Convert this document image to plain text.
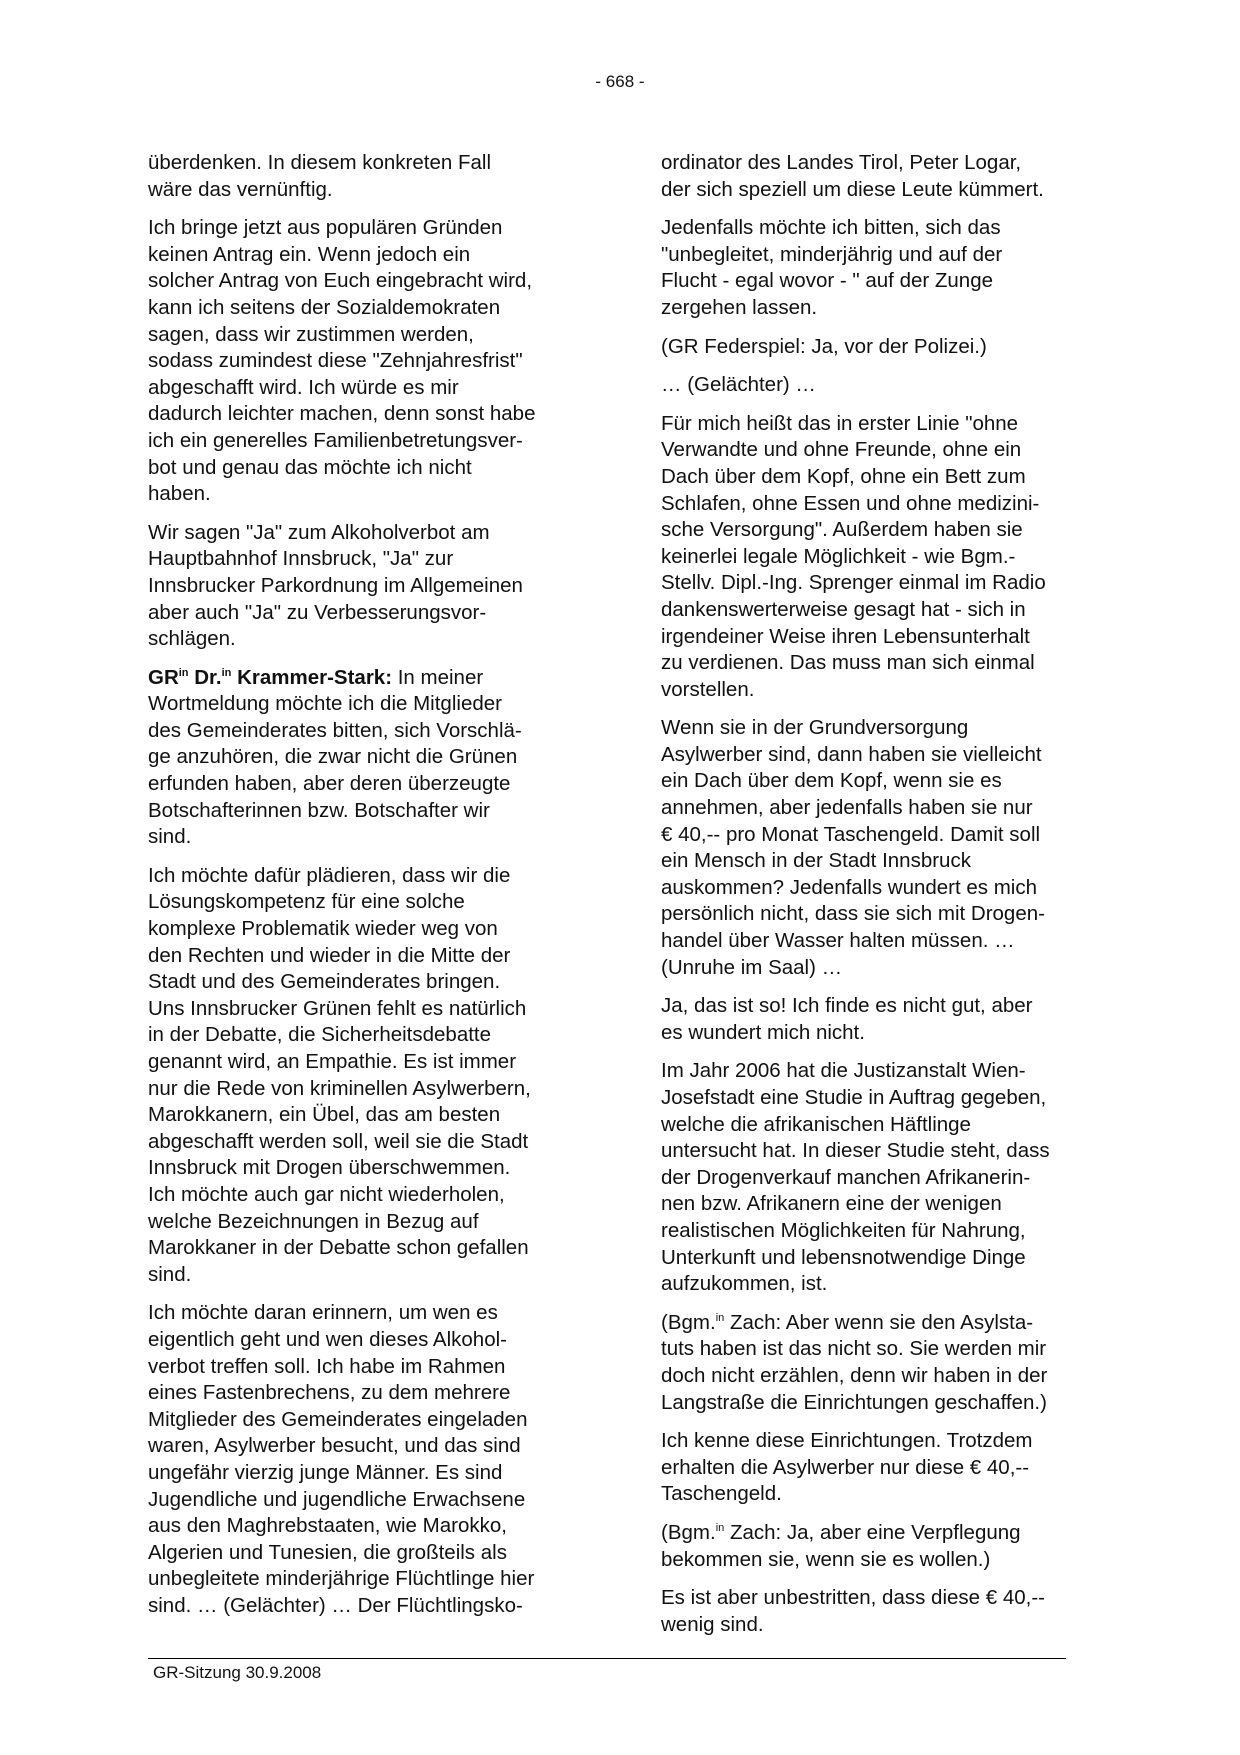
- 668 -

überdenken. In diesem konkreten Fall
wäre das vernünftig.

Ich bringe jetzt aus populären Gründen
keinen Antrag ein. Wenn jedoch ein
solcher Antrag von Euch eingebracht wird,
kann ich seitens der Sozialdemokraten
sagen, dass wir zustimmen werden,
sodass zumindest diese "Zehnjahresfrist"
abgeschafft wird. Ich würde es mir
dadurch leichter machen, denn sonst habe
ich ein generelles Familienbetretungsver-
bot und genau das möchte ich nicht
haben.

Wir sagen "Ja" zum Alkoholverbot am
Hauptbahnhof Innsbruck, "Ja" zur
Innsbrucker Parkordnung im Allgemeinen
aber auch "Ja" zu Verbesserungsvor-
schlägen.

$GR^{in}$ Dr.$^{in}$ Krammer-Stark: In meiner
Wortmeldung möchte ich die Mitglieder
des Gemeinderates bitten, sich Vorschlä-
ge anzuhören, die zwar nicht die Grünen
erfunden haben, aber deren überzeugte
Botschafterinnen bzw. Botschafter wir
sind.

Ich möchte dafür plädieren, dass wir die
Lösungskompetenz für eine solche
komplexe Problematik wieder weg von
den Rechten und wieder in die Mitte der
Stadt und des Gemeinderates bringen.
Uns Innsbrucker Grünen fehlt es natürlich
in der Debatte, die Sicherheitsdebatte
genannt wird, an Empathie. Es ist immer
nur die Rede von kriminellen Asylwerbern,
Marokkanern, ein Übel, das am besten
abgeschafft werden soll, weil sie die Stadt
Innsbruck mit Drogen überschwemmen.
Ich möchte auch gar nicht wiederholen,
welche Bezeichnungen in Bezug auf
Marokkaner in der Debatte schon gefallen
sind.

Ich möchte daran erinnern, um wen es
eigentlich geht und wen dieses Alkohol-
verbot treffen soll. Ich habe im Rahmen
eines Fastenbrechens, zu dem mehrere
Mitglieder des Gemeinderates eingeladen
waren, Asylwerber besucht, und das sind
ungefähr vierzig junge Männer. Es sind
Jugendliche und jugendliche Erwachsene
aus den Maghrebstaaten, wie Marokko,
Algerien und Tunesien, die großteils als
unbegleitete minderjährige Flüchtlinge hier
sind. … (Gelächter) … Der Flüchtlingsko-

ordinator des Landes Tirol, Peter Logar,
der sich speziell um diese Leute kümmert.

Jedenfalls möchte ich bitten, sich das
"unbegleitet, minderjährig und auf der
Flucht - egal wovor - " auf der Zunge
zergehen lassen.

(GR Federspiel: Ja, vor der Polizei.)

… (Gelächter) …

Für mich heißt das in erster Linie "ohne
Verwandte und ohne Freunde, ohne ein
Dach über dem Kopf, ohne ein Bett zum
Schlafen, ohne Essen und ohne medizini-
sche Versorgung". Außerdem haben sie
keinerlei legale Möglichkeit - wie Bgm.-
Stellv. Dipl.-Ing. Sprenger einmal im Radio
dankenswerterweise gesagt hat - sich in
irgendeiner Weise ihren Lebensunterhalt
zu verdienen. Das muss man sich einmal
vorstellen.

Wenn sie in der Grundversorgung
Asylwerber sind, dann haben sie vielleicht
ein Dach über dem Kopf, wenn sie es
annehmen, aber jedenfalls haben sie nur
€ 40,-- pro Monat Taschengeld. Damit soll
ein Mensch in der Stadt Innsbruck
auskommen? Jedenfalls wundert es mich
persönlich nicht, dass sie sich mit Drogen-
handel über Wasser halten müssen. …
(Unruhe im Saal) …

Ja, das ist so! Ich finde es nicht gut, aber
es wundert mich nicht.

Im Jahr 2006 hat die Justizanstalt Wien-
Josefstadt eine Studie in Auftrag gegeben,
welche die afrikanischen Häftlinge
untersucht hat. In dieser Studie steht, dass
der Drogenverkauf manchen Afrikanerin-
nen bzw. Afrikanern eine der wenigen
realistischen Möglichkeiten für Nahrung,
Unterkunft und lebensnotwendige Dinge
aufzukommen, ist.

(Bgm.$^{in}$ Zach: Aber wenn sie den Asylsta-
tuts haben ist das nicht so. Sie werden mir
doch nicht erzählen, denn wir haben in der
Langstraße die Einrichtungen geschaffen.)

Ich kenne diese Einrichtungen. Trotzdem
erhalten die Asylwerber nur diese € 40,--
Taschengeld.

(Bgm.$^{in}$ Zach: Ja, aber eine Verpflegung
bekommen sie, wenn sie es wollen.)

Es ist aber unbestritten, dass diese € 40,--
wenig sind.

GR-Sitzung 30.9.2008
